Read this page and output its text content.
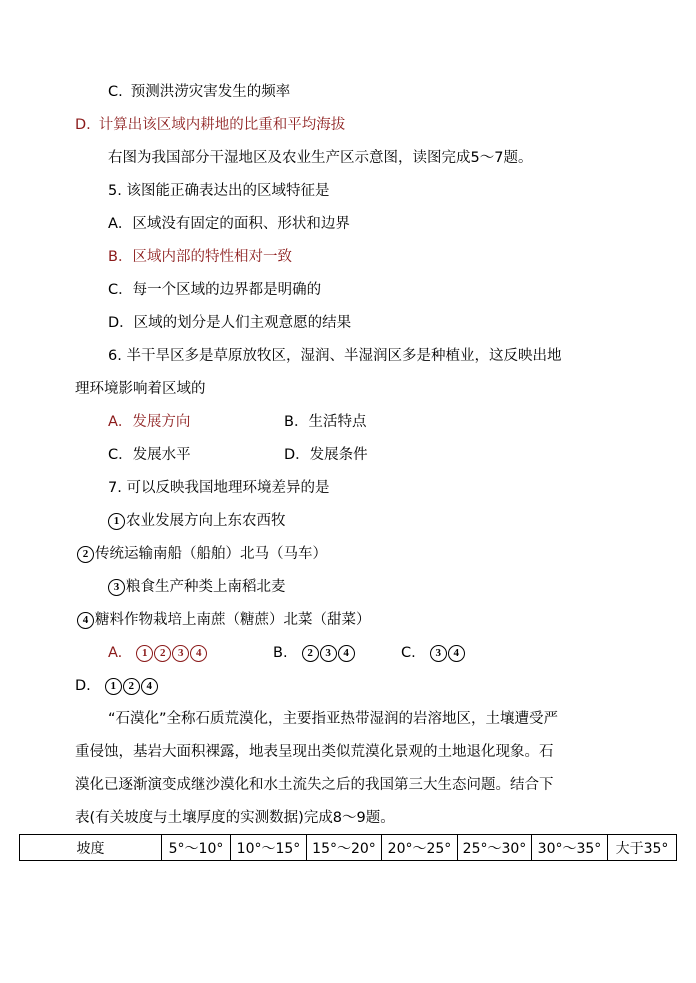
C. 预测洪涝灾害发生的频率
D. 计算出该区域内耕地的比重和平均海拔
右图为我国部分干湿地区及农业生产区示意图，读图完成5～7题。
5. 该图能正确表达出的区域特征是
A．区域没有固定的面积、形状和边界
B．区域内部的特性相对一致
C．每一个区域的边界都是明确的
D．区域的划分是人们主观意愿的结果
6. 半干旱区多是草原放牧区，湿润、半湿润区多是种植业，这反映出地
理环境影响着区域的
A．发展方向	B．生活特点
C．发展水平	D．发展条件
7. 可以反映我国地理环境差异的是
1 农业发展方向上东农西牧
2 传统运输南船（船舶）北马（马车）
3 粮食生产种类上南稻北麦
4 糖料作物栽培上南蔗（糖蔗）北菜（甜菜）
A. 1 2 3 4	B. 2 3 4	C. 3 4
D. 1 2 4
“石漠化”全称石质荒漠化，主要指亚热带湿润的岩溶地区，土壤遭受严
重侵蚀，基岩大面积裸露，地表呈现出类似荒漠化景观的土地退化现象。石
漠化已逐渐演变成继沙漠化和水土流失之后的我国第三大生态问题。结合下
表(有关坡度与土壤厚度的实测数据)完成8～9题。
坡度	5°～10°	10°～15°	15°～20°	20°～25°	25°～30°	30°～35°	大于35°
